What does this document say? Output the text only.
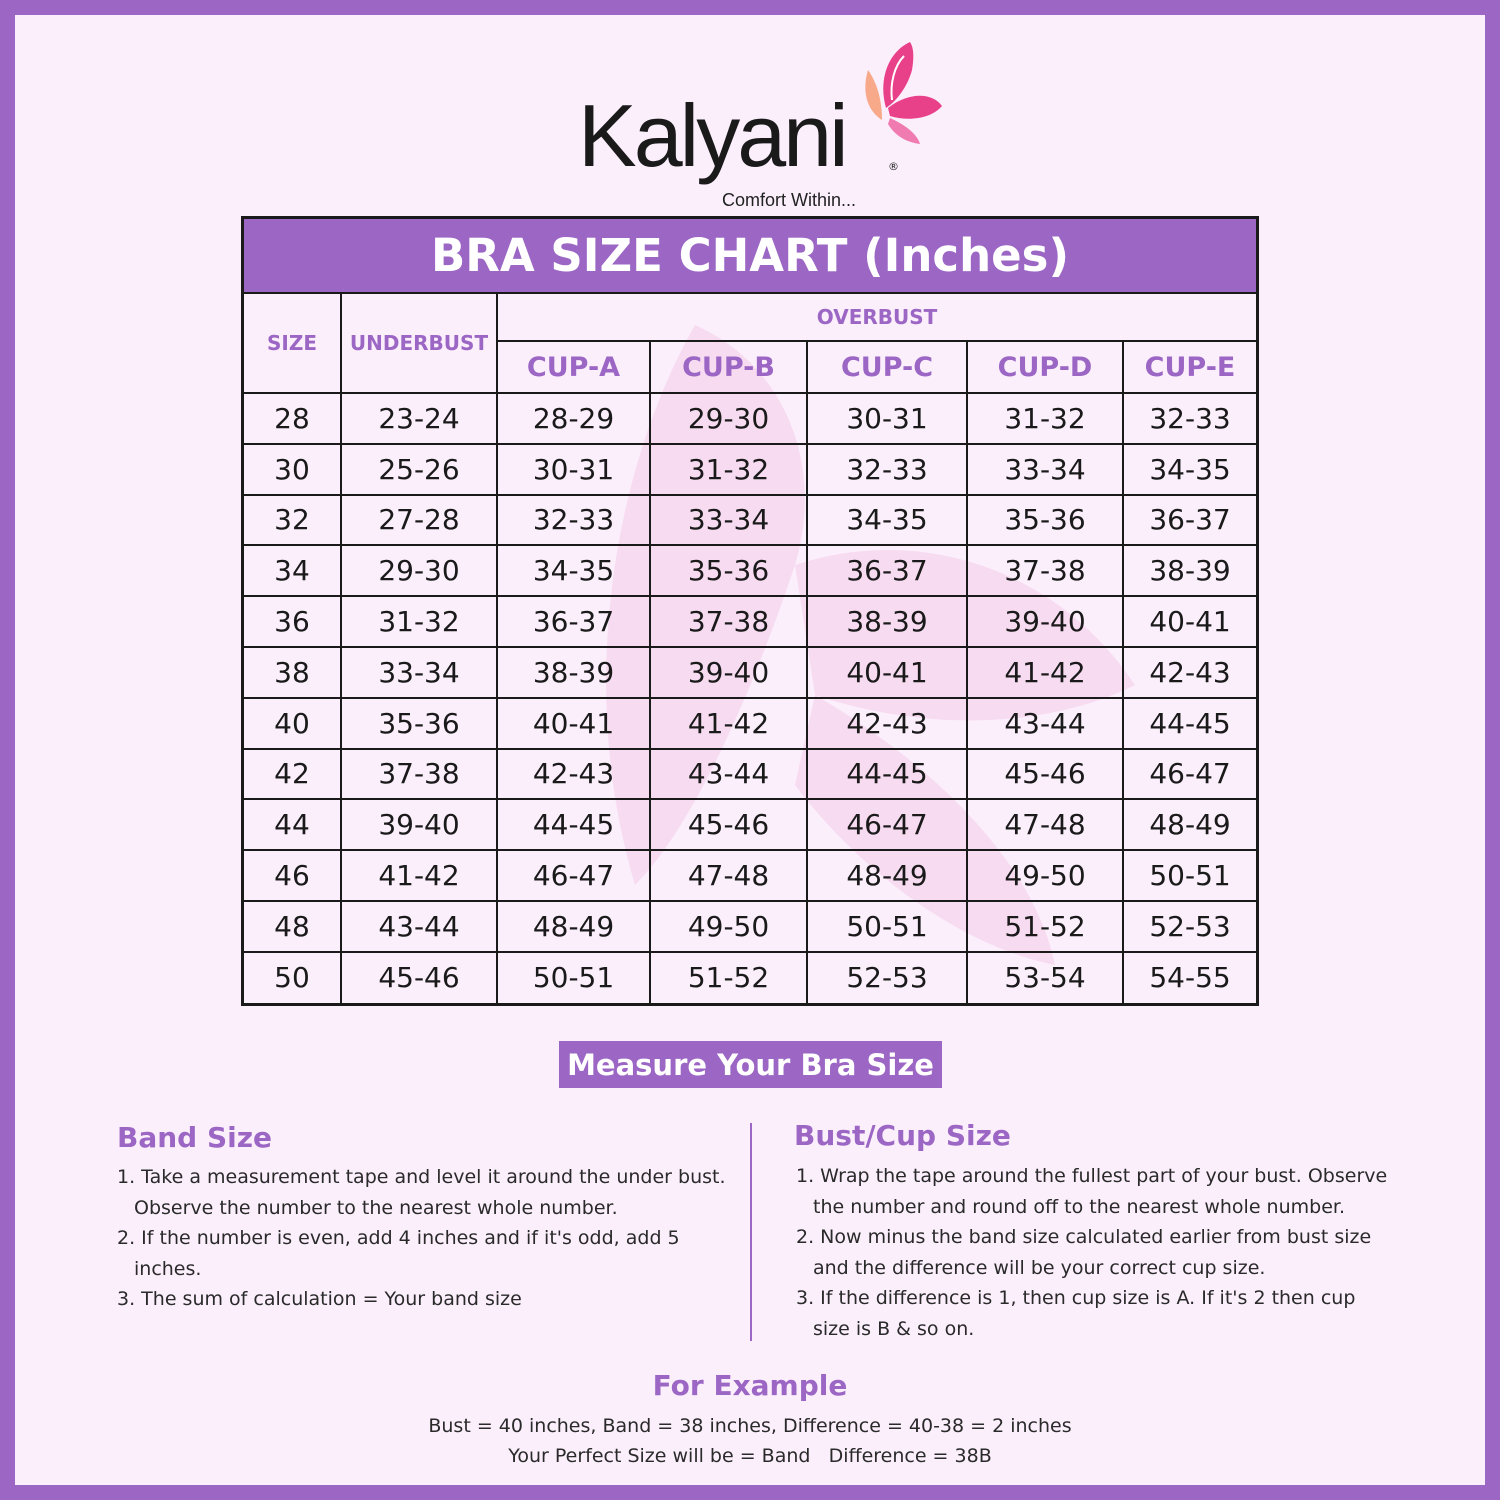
Kalyani	®
Comfort Within...
BRA SIZE CHART (Inches)
SIZE	UNDERBUST	OVERBUST				
		CUP-A	CUP-B	CUP-C	CUP-D	CUP-E
28	23-24	28-29	29-30	30-31	31-32	32-33
30	25-26	30-31	31-32	32-33	33-34	34-35
32	27-28	32-33	33-34	34-35	35-36	36-37
34	29-30	34-35	35-36	36-37	37-38	38-39
36	31-32	36-37	37-38	38-39	39-40	40-41
38	33-34	38-39	39-40	40-41	41-42	42-43
40	35-36	40-41	41-42	42-43	43-44	44-45
42	37-38	42-43	43-44	44-45	45-46	46-47
44	39-40	44-45	45-46	46-47	47-48	48-49
46	41-42	46-47	47-48	48-49	49-50	50-51
48	43-44	48-49	49-50	50-51	51-52	52-53
50	45-46	50-51	51-52	52-53	53-54	54-55
Measure Your Bra Size
Band Size
1. Take a measurement tape and level it around the under bust. Observe the number to the nearest whole number.
2. If the number is even, add 4 inches and if it's odd, add 5 inches.
3. The sum of calculation = Your band size
Bust/Cup Size
1. Wrap the tape around the fullest part of your bust. Observe the number and round off to the nearest whole number.
2. Now minus the band size calculated earlier from bust size and the difference will be your correct cup size.
3. If the difference is 1, then cup size is A. If it's 2 then cup size is B & so on.
For Example
Bust = 40 inches, Band = 38 inches, Difference = 40-38 = 2 inches
Your Perfect Size will be = Band   Difference = 38B
